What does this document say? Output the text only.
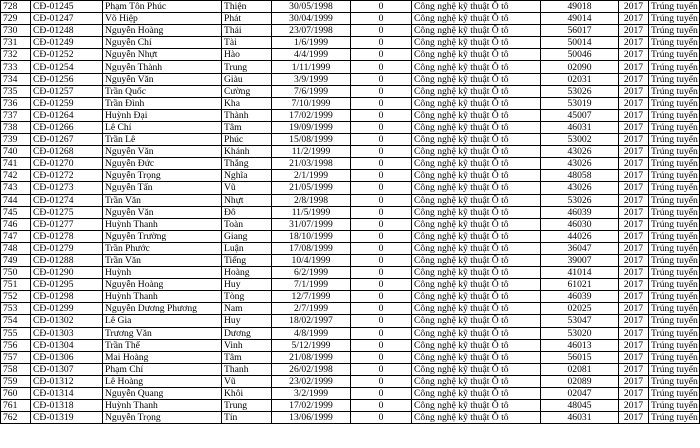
728	CĐ-01245	Phạm Tôn Phúc	Thiện	30/05/1998	0	Công nghệ kỹ thuật Ô tô	49018	2017	Trúng tuyển
729	CĐ-01247	Võ Hiệp	Phát	30/04/1999	0	Công nghệ kỹ thuật Ô tô	49014	2017	Trúng tuyển
730	CĐ-01248	Nguyễn Hoàng	Thái	23/07/1998	0	Công nghệ kỹ thuật Ô tô	56017	2017	Trúng tuyển
731	CĐ-01249	Nguyễn Chí	Tài	1/6/1999	0	Công nghệ kỹ thuật Ô tô	50014	2017	Trúng tuyển
732	CĐ-01252	Nguyễn Nhựt	Hào	4/4/1999	0	Công nghệ kỹ thuật Ô tô	50046	2017	Trúng tuyển
733	CĐ-01254	Nguyễn Thành	Trung	1/11/1999	0	Công nghệ kỹ thuật Ô tô	02090	2017	Trúng tuyển
734	CĐ-01256	Nguyễn Văn	Giàu	3/9/1999	0	Công nghệ kỹ thuật Ô tô	02031	2017	Trúng tuyển
735	CĐ-01257	Trần Quốc	Cường	7/6/1999	0	Công nghệ kỹ thuật Ô tô	53026	2017	Trúng tuyển
736	CĐ-01259	Trần Đình	Kha	7/10/1999	0	Công nghệ kỹ thuật Ô tô	53019	2017	Trúng tuyển
737	CĐ-01264	Huỳnh Đại	Thành	17/02/1999	0	Công nghệ kỹ thuật Ô tô	45007	2017	Trúng tuyển
738	CĐ-01266	Lê Chí	Tâm	19/09/1999	0	Công nghệ kỹ thuật Ô tô	46031	2017	Trúng tuyển
739	CĐ-01267	Trần Lê	Phúc	15/08/1999	0	Công nghệ kỹ thuật Ô tô	53002	2017	Trúng tuyển
740	CĐ-01268	Nguyễn Văn	Khánh	11/2/1999	0	Công nghệ kỹ thuật Ô tô	43026	2017	Trúng tuyển
741	CĐ-01270	Nguyễn Đức	Thắng	21/03/1998	0	Công nghệ kỹ thuật Ô tô	43026	2017	Trúng tuyển
742	CĐ-01272	Nguyễn Trọng	Nghĩa	2/1/1999	0	Công nghệ kỹ thuật Ô tô	48058	2017	Trúng tuyển
743	CĐ-01273	Nguyễn Tấn	Vũ	21/05/1999	0	Công nghệ kỹ thuật Ô tô	43026	2017	Trúng tuyển
744	CĐ-01274	Trần Văn	Nhựt	2/8/1998	0	Công nghệ kỹ thuật Ô tô	53026	2017	Trúng tuyển
745	CĐ-01275	Nguyễn Văn	Đô	11/5/1999	0	Công nghệ kỹ thuật Ô tô	46039	2017	Trúng tuyển
746	CĐ-01277	Huỳnh Thanh	Toàn	31/07/1999	0	Công nghệ kỹ thuật Ô tô	46030	2017	Trúng tuyển
747	CĐ-01278	Nguyễn Trường	Giang	18/10/1999	0	Công nghệ kỹ thuật Ô tô	44026	2017	Trúng tuyển
748	CĐ-01279	Trần Phước	Luận	17/08/1999	0	Công nghệ kỹ thuật Ô tô	36047	2017	Trúng tuyển
749	CĐ-01288	Trần Văn	Tiếng	10/4/1999	0	Công nghệ kỹ thuật Ô tô	39007	2017	Trúng tuyển
750	CĐ-01290	Huỳnh	Hoàng	6/2/1999	0	Công nghệ kỹ thuật Ô tô	41014	2017	Trúng tuyển
751	CĐ-01295	Nguyễn Hoàng	Huy	7/1/1999	0	Công nghệ kỹ thuật Ô tô	61021	2017	Trúng tuyển
752	CĐ-01298	Huỳnh Thanh	Tòng	12/7/1999	0	Công nghệ kỹ thuật Ô tô	46039	2017	Trúng tuyển
753	CĐ-01299	Nguyễn Dương Phương	Nam	2/7/1999	0	Công nghệ kỹ thuật Ô tô	02025	2017	Trúng tuyển
754	CĐ-01302	Lê Gia	Huy	18/02/1997	0	Công nghệ kỹ thuật Ô tô	53047	2017	Trúng tuyển
755	CĐ-01303	Trương Văn	Dương	4/8/1999	0	Công nghệ kỹ thuật Ô tô	53020	2017	Trúng tuyển
756	CĐ-01304	Trần Thế	Vinh	5/12/1999	0	Công nghệ kỹ thuật Ô tô	46013	2017	Trúng tuyển
757	CĐ-01306	Mai Hoàng	Tâm	21/08/1999	0	Công nghệ kỹ thuật Ô tô	56015	2017	Trúng tuyển
758	CĐ-01307	Phạm Chí	Thanh	26/02/1998	0	Công nghệ kỹ thuật Ô tô	02081	2017	Trúng tuyển
759	CĐ-01312	Lê Hoàng	Vũ	23/02/1999	0	Công nghệ kỹ thuật Ô tô	02089	2017	Trúng tuyển
760	CĐ-01314	Nguyễn Quang	Khôi	3/2/1999	0	Công nghệ kỹ thuật Ô tô	02047	2017	Trúng tuyển
761	CĐ-01318	Huỳnh Thanh	Trung	17/02/1999	0	Công nghệ kỹ thuật Ô tô	48045	2017	Trúng tuyển
762	CĐ-01319	Nguyễn Trọng	Tín	13/06/1999	0	Công nghệ kỹ thuật Ô tô	46031	2017	Trúng tuyển
